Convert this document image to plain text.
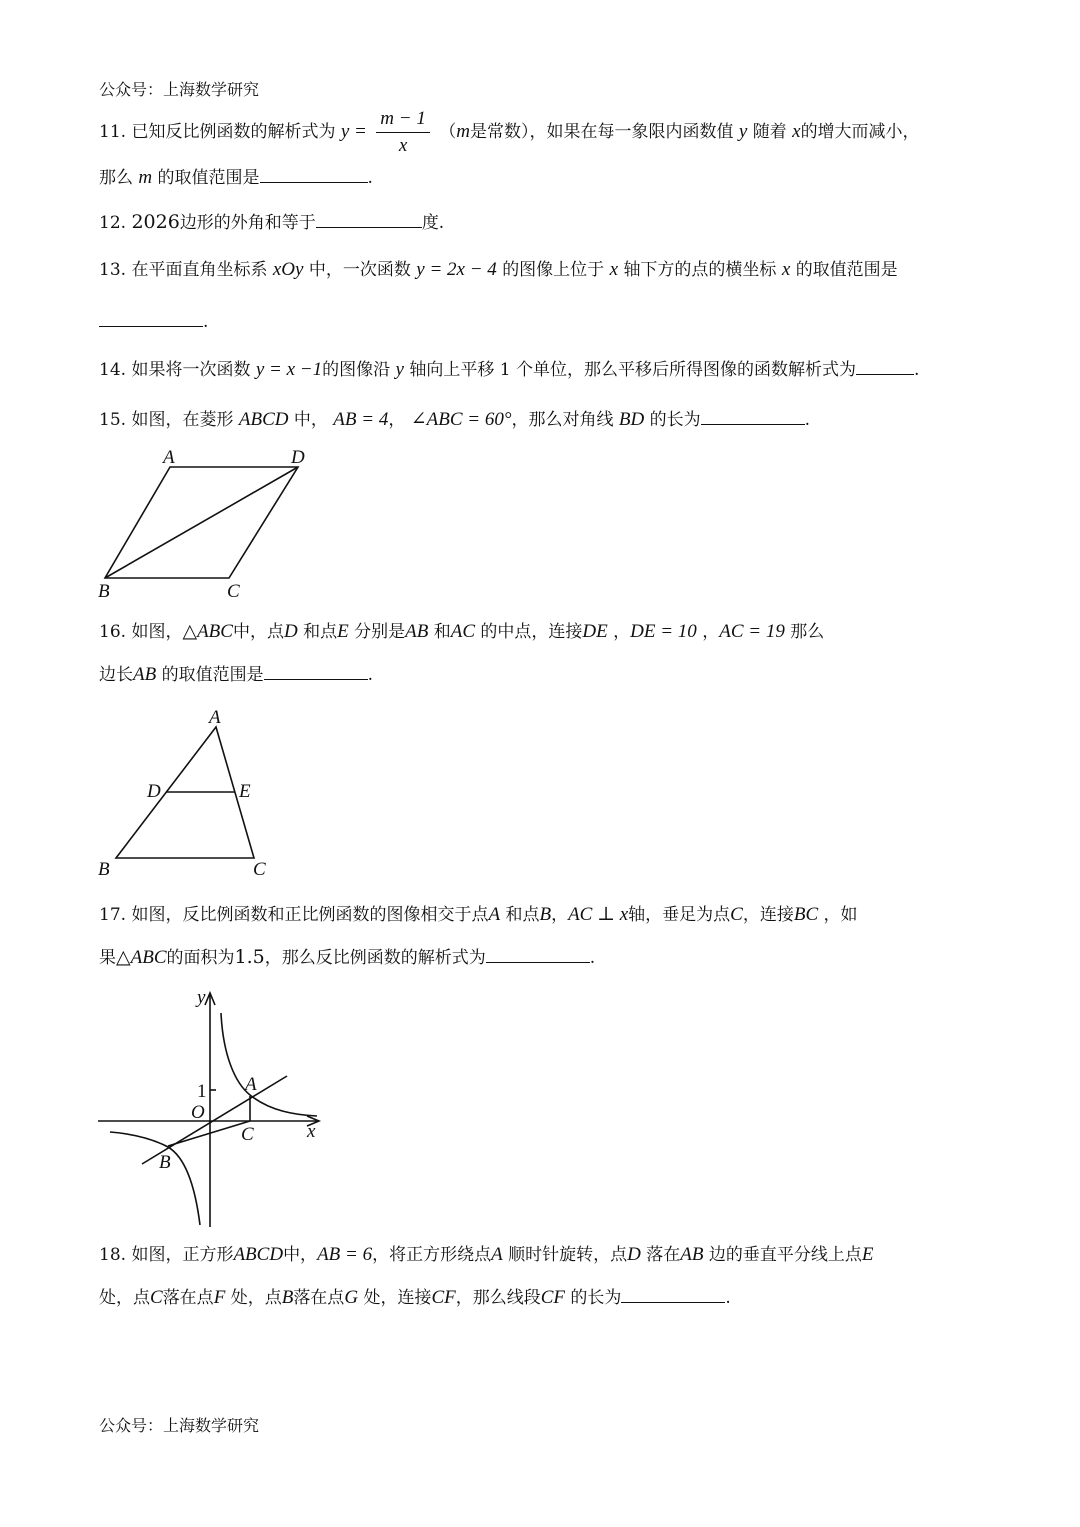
公众号：上海数学研究
11. 已知反比例函数的解析式为 $y = \frac{m - 1}{x} (m$是常数），如果在每一象限内函数值 y 随着 x的增大而减小，
那么 m 的取值范围是	.
12. 2026边形的外角和等于	度.
13. 在平面直角坐标系 xOy 中，一次函数 y = 2x − 4 的图像上位于 x 轴下方的点的横坐标 x 的取值范围是
.
14. 如果将一次函数 y = x −1的图像沿 y 轴向上平移 1 个单位，那么平移后所得图像的函数解析式为	.
15. 如图，在菱形 ABCD 中， AB = 4， ∠ABC = 60°，那么对角线 BD 的长为	.
A	D
B	C
16. 如图，△ABC中，点D 和点E 分别是AB 和AC 的中点，连接DE ，DE = 10 ，AC = 19 那么
边长AB 的取值范围是	.
A
D	E
B	C
17. 如图，反比例函数和正比例函数的图像相交于点A 和点B，AC ⊥ x轴，垂足为点C，连接BC ，如
果△ABC的面积为1.5，那么反比例函数的解析式为	.
y
x
O
1 A
C
B
18. 如图，正方形ABCD中，AB = 6，将正方形绕点A 顺时针旋转，点D 落在AB 边的垂直平分线上点E
处，点C落在点F 处，点B落在点G 处，连接CF，那么线段CF 的长为	.
公众号：上海数学研究
